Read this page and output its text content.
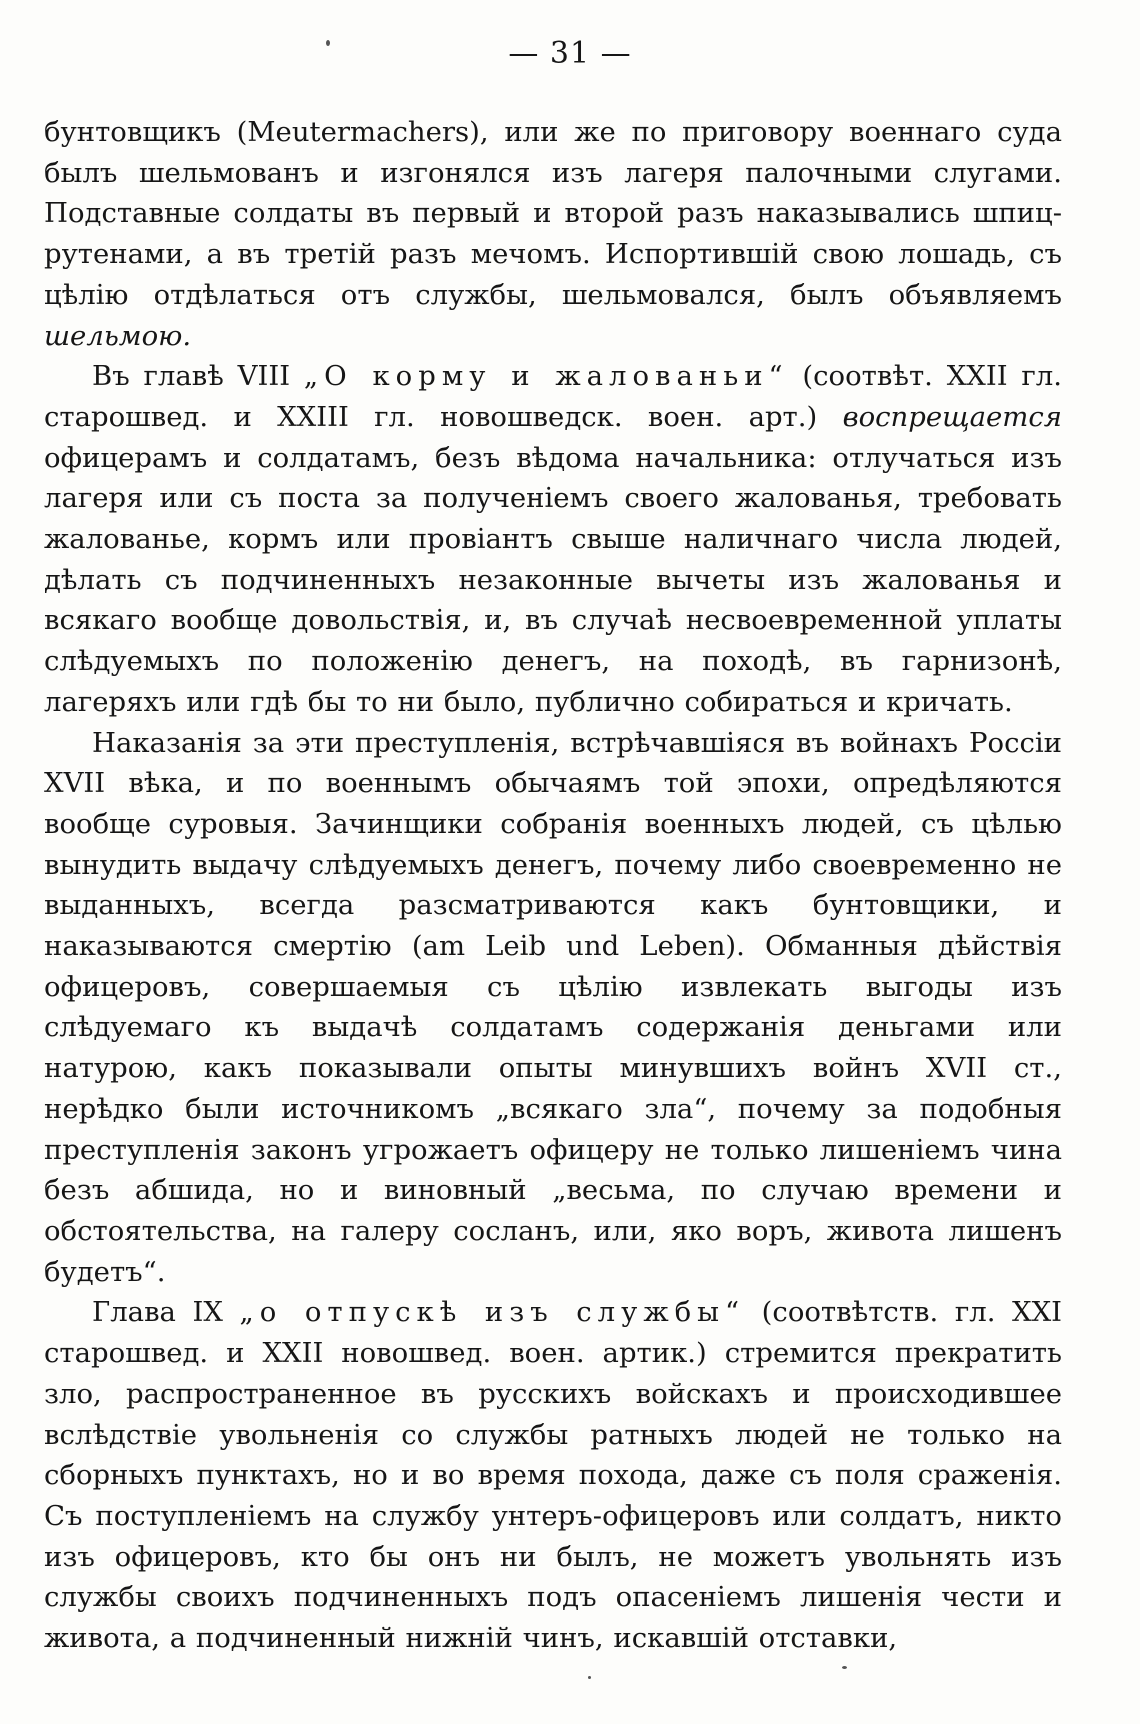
— 31 —

бунтовщикъ (Meutermachers), или же по приговору военнаго суда былъ шельмованъ и изгонялся изъ лагеря палочными слугами. Подставные солдаты въ первый и второй разъ наказывались шпиц-рутенами, а въ третій разъ мечомъ. Испортившій свою лошадь, съ цѣлію отдѣлаться отъ службы, шельмовался, былъ объявляемъ шельмою.

Въ главѣ VIII „О корму и жалованьи“ (соотвѣт. XXII гл. старошвед. и XXIII гл. новошведск. воен. арт.) воспрещается офицерамъ и солдатамъ, безъ вѣдома начальника: отлучаться изъ лагеря или съ поста за полученіемъ своего жалованья, требовать жалованье, кормъ или провіантъ свыше наличнаго числа людей, дѣлать съ подчиненныхъ незаконные вычеты изъ жалованья и всякаго вообще довольствія, и, въ случаѣ несвоевременной уплаты слѣдуемыхъ по положенію денегъ, на походѣ, въ гарнизонѣ, лагеряхъ или гдѣ бы то ни было, публично собираться и кричать.

Наказанія за эти преступленія, встрѣчавшіяся въ войнахъ Россіи XVII вѣка, и по военнымъ обычаямъ той эпохи, опредѣляются вообще суровыя. Зачинщики собранія военныхъ людей, съ цѣлью вынудить выдачу слѣдуемыхъ денегъ, почему либо своевременно не выданныхъ, всегда разсматриваются какъ бунтовщики, и наказываются смертію (am Leib und Leben). Обманныя дѣйствія офицеровъ, совершаемыя съ цѣлію извлекать выгоды изъ слѣдуемаго къ выдачѣ солдатамъ содержанія деньгами или натурою, какъ показывали опыты минувшихъ войнъ XVII ст., нерѣдко были источникомъ „всякаго зла“, почему за подобныя преступленія законъ угрожаетъ офицеру не только лишеніемъ чина безъ абшида, но и виновный „весьма, по случаю времени и обстоятельства, на галеру сосланъ, или, яко воръ, живота лишенъ будетъ“.

Глава IX „о отпускѣ изъ службы“ (соотвѣтств. гл. XXI старошвед. и XXII новошвед. воен. артик.) стремится прекратить зло, распространенное въ русскихъ войскахъ и происходившее вслѣдствіе увольненія со службы ратныхъ людей не только на сборныхъ пунктахъ, но и во время похода, даже съ поля сраженія. Съ поступленіемъ на службу унтеръ-офицеровъ или солдатъ, никто изъ офицеровъ, кто бы онъ ни былъ, не можетъ увольнять изъ службы своихъ подчиненныхъ подъ опасеніемъ лишенія чести и живота, а подчиненный нижній чинъ, искавшій отставки,
